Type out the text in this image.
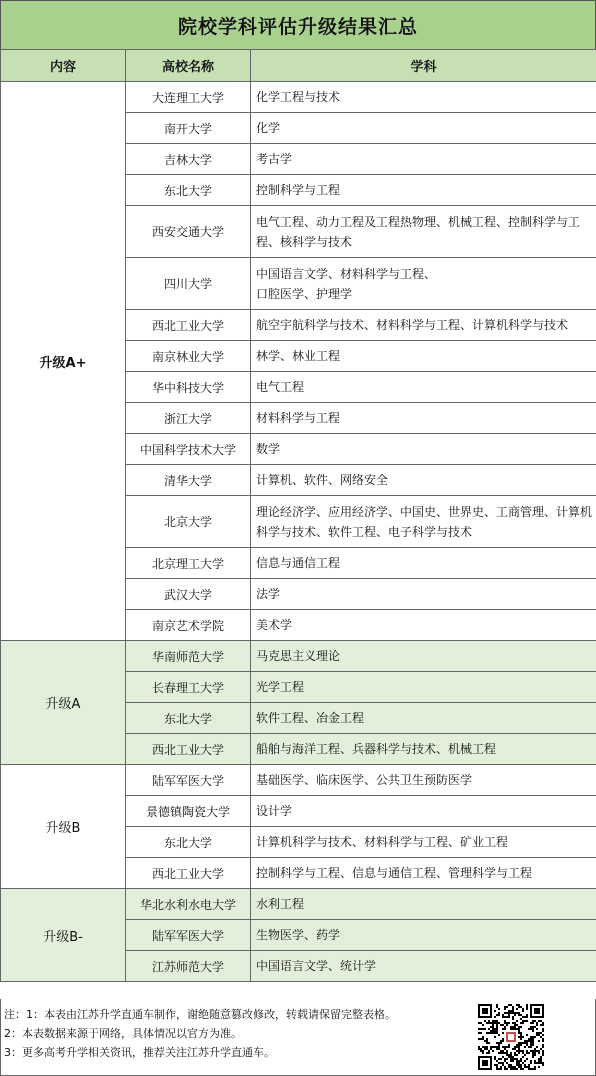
院校学科评估升级结果汇总
内容	高校名称	学科
升级A+	大连理工大学	化学工程与技术
	南开大学	化学
	吉林大学	考古学
	东北大学	控制科学与工程
	西安交通大学	电气工程、动力工程及工程热物理、机械工程、控制科学与工程、核科学与技术
	四川大学	中国语言文学、材料科学与工程、
口腔医学、护理学
	西北工业大学	航空宇航科学与技术、材料科学与工程、计算机科学与技术
	南京林业大学	林学、林业工程
	华中科技大学	电气工程
	浙江大学	材料科学与工程
	中国科学技术大学	数学
	清华大学	计算机、软件、网络安全
	北京大学	理论经济学、应用经济学、中国史、世界史、工商管理、计算机科学与技术、软件工程、电子科学与技术
	北京理工大学	信息与通信工程
	武汉大学	法学
	南京艺术学院	美术学
升级A	华南师范大学	马克思主义理论
	长春理工大学	光学工程
	东北大学	软件工程、冶金工程
	西北工业大学	船舶与海洋工程、兵器科学与技术、机械工程
升级B	陆军军医大学	基础医学、临床医学、公共卫生预防医学
	景德镇陶瓷大学	设计学
	东北大学	计算机科学与技术、材料科学与工程、矿业工程
	西北工业大学	控制科学与工程、信息与通信工程、管理科学与工程
升级B-	华北水利水电大学	水利工程
	陆军军医大学	生物医学、药学
	江苏师范大学	中国语言文学、统计学
注：1：本表由江苏升学直通车制作，谢绝随意篡改修改，转载请保留完整表格。
2：本表数据来源于网络，具体情况以官方为准。
3：更多高考升学相关资讯，推荐关注江苏升学直通车。
